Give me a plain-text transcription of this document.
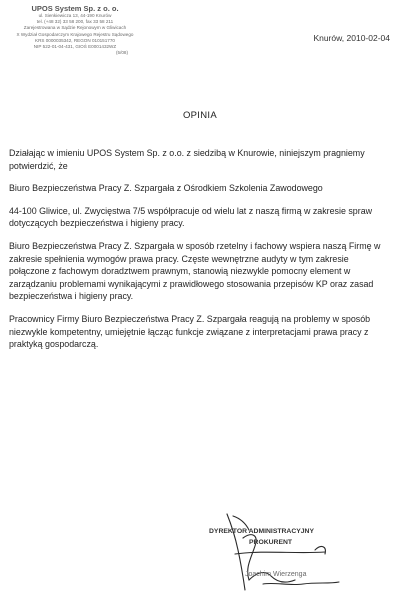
UPOS System Sp. z o. o.
ul. Sienkiewicza 13, 44-190 Knurów
tel. (+48 32) 33 58 200, fax 33 58 211
Zarejestrowana w Sądzie Rejonowym w Gliwicach
X Wydział Gospodarczym Krajowego Rejestru Sądowego
KRS 0000035342, REGON 010151770
NIP 522-01-04-431, GIOŚ E0001432WZ
(5/08)
Knurów, 2010-02-04
OPINIA

Działając w imieniu UPOS System Sp. z o.o. z siedzibą w Knurowie, niniejszym pragniemy potwierdzić, że

Biuro Bezpieczeństwa Pracy Z. Szpargała z Ośrodkiem Szkolenia Zawodowego

44-100 Gliwice, ul. Zwycięstwa 7/5 współpracuje od wielu lat z naszą firmą w zakresie spraw dotyczących bezpieczeństwa i higieny pracy.

Biuro Bezpieczeństwa Pracy Z. Szpargała w sposób rzetelny i fachowy wspiera naszą Firmę w zakresie spełnienia wymogów prawa pracy. Częste wewnętrzne audyty w tym zakresie połączone z fachowym doradztwem prawnym, stanowią niezwykle pomocny element w zarządzaniu problemami wynikającymi z prawidłowego stosowania przepisów KP oraz zasad bezpieczeństwa i higieny pracy.

Pracownicy Firmy Biuro Bezpieczeństwa Pracy Z. Szpargała reagują na problemy w sposób niezwykle kompetentny, umiejętnie łącząc funkcje związane z interpretacjami prawa pracy z praktyką gospodarczą.

DYREKTOR ADMINISTRACYJNY
PROKURENT
Joachim Wierzenga
